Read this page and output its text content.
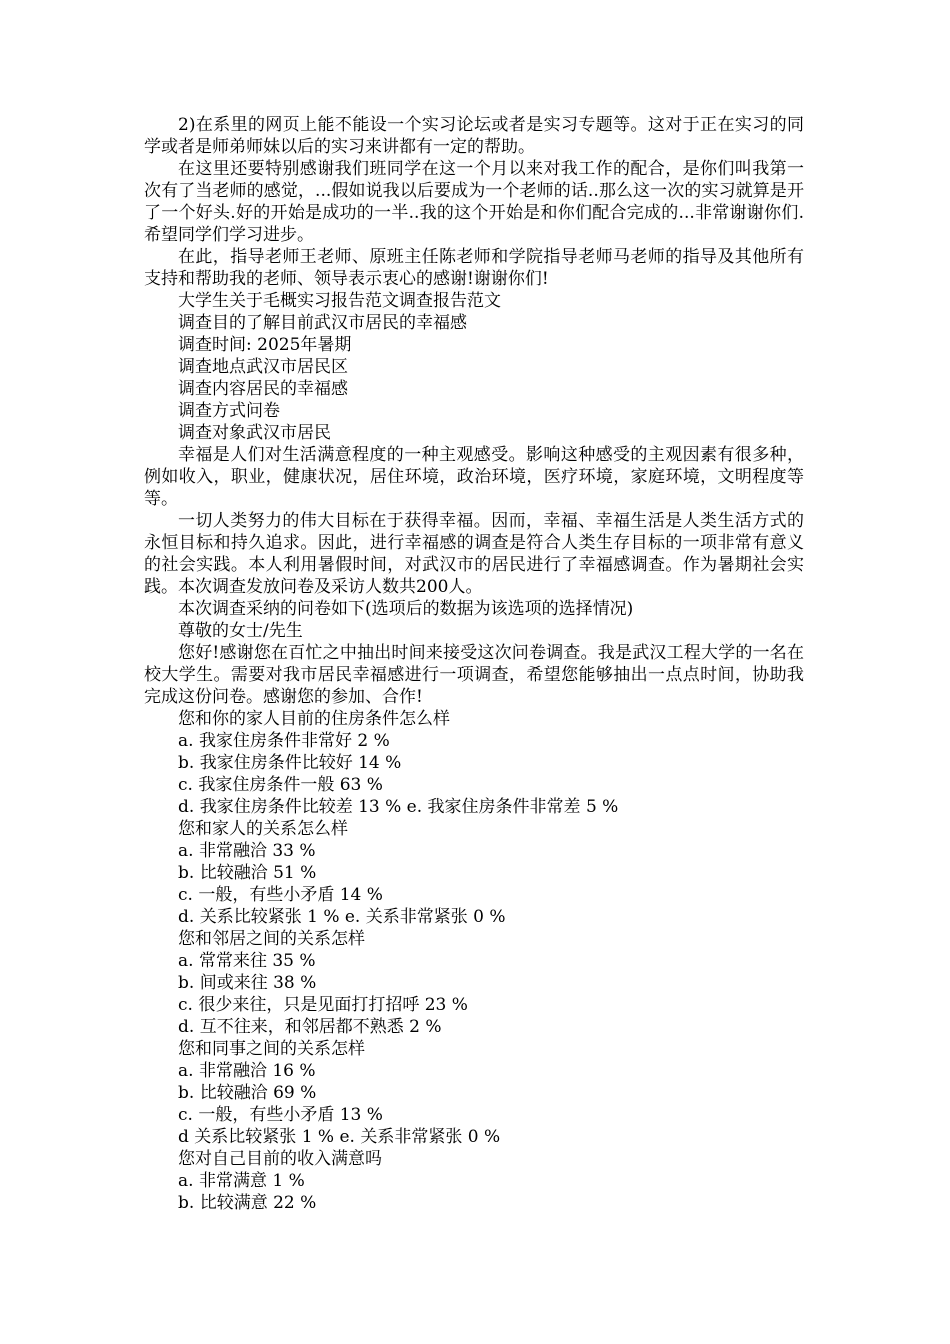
2)在系里的网页上能不能设一个实习论坛或者是实习专题等。这对于正在实习的同学或者是师弟师妹以后的实习来讲都有一定的帮助。

在这里还要特别感谢我们班同学在这一个月以来对我工作的配合，是你们叫我第一次有了当老师的感觉，...假如说我以后要成为一个老师的话..那么这一次的实习就算是开了一个好头.好的开始是成功的一半..我的这个开始是和你们配合完成的...非常谢谢你们.希望同学们学习进步。

在此，指导老师王老师、原班主任陈老师和学院指导老师马老师的指导及其他所有支持和帮助我的老师、领导表示衷心的感谢!谢谢你们!

大学生关于毛概实习报告范文调查报告范文

调查目的了解目前武汉市居民的幸福感

调查时间: 2025年暑期

调查地点武汉市居民区

调查内容居民的幸福感

调查方式问卷

调查对象武汉市居民

幸福是人们对生活满意程度的一种主观感受。影响这种感受的主观因素有很多种，例如收入，职业，健康状况，居住环境，政治环境，医疗环境，家庭环境，文明程度等等。

一切人类努力的伟大目标在于获得幸福。因而，幸福、幸福生活是人类生活方式的永恒目标和持久追求。因此，进行幸福感的调查是符合人类生存目标的一项非常有意义的社会实践。本人利用暑假时间，对武汉市的居民进行了幸福感调查。作为暑期社会实践。本次调查发放问卷及采访人数共200人。

本次调查采纳的问卷如下(选项后的数据为该选项的选择情况)

尊敬的女士/先生

您好!感谢您在百忙之中抽出时间来接受这次问卷调查。我是武汉工程大学的一名在校大学生。需要对我市居民幸福感进行一项调查，希望您能够抽出一点点时间，协助我完成这份问卷。感谢您的参加、合作!

您和你的家人目前的住房条件怎么样

a. 我家住房条件非常好 2 %

b. 我家住房条件比较好 14 %

c. 我家住房条件一般 63 %

d. 我家住房条件比较差 13 % e. 我家住房条件非常差 5 %

您和家人的关系怎么样

a. 非常融洽 33 %

b. 比较融洽 51 %

c. 一般，有些小矛盾 14 %

d. 关系比较紧张 1 % e. 关系非常紧张 0 %

您和邻居之间的关系怎样

a. 常常来往 35 %

b. 间或来往 38 %

c. 很少来往，只是见面打打招呼 23 %

d. 互不往来，和邻居都不熟悉 2 %

您和同事之间的关系怎样

a. 非常融洽 16 %

b. 比较融洽 69 %

c. 一般，有些小矛盾 13 %

d 关系比较紧张 1 % e. 关系非常紧张 0 %

您对自己目前的收入满意吗

a. 非常满意 1 %

b. 比较满意 22 %
